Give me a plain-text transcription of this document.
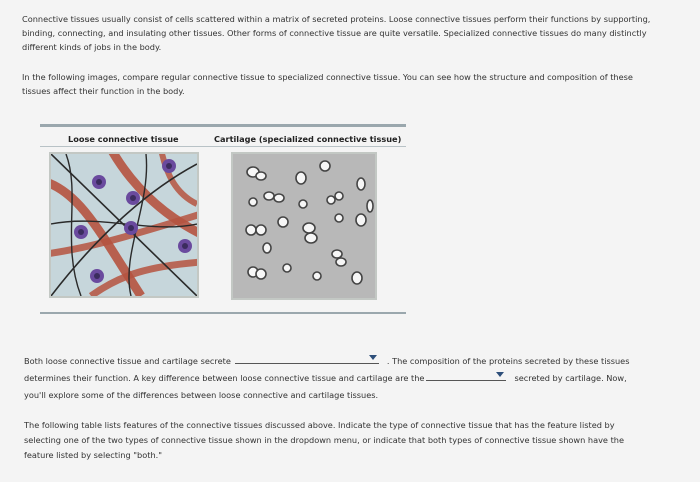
Connective tissues usually consist of cells scattered within a matrix of secreted proteins. Loose connective tissues perform their functions by supporting, binding, connecting, and insulating other tissues. Other forms of connective tissue are quite versatile. Specialized connective tissues do many distinctly different kinds of jobs in the body.
In the following images, compare regular connective tissue to specialized connective tissue. You can see how the structure and composition of these tissues affect their function in the body.
Loose connective tissue	Cartilage (specialized connective tissue)
Both loose connective tissue and cartilage secrete	. The composition of the proteins secreted by these tissues determines their function. A key difference between loose connective tissue and cartilage are the	secreted by cartilage. Now, you'll explore some of the differences between loose connective and cartilage tissues.
The following table lists features of the connective tissues discussed above. Indicate the type of connective tissue that has the feature listed by selecting one of the two types of connective tissue shown in the dropdown menu, or indicate that both types of connective tissue shown have the feature listed by selecting "both."
